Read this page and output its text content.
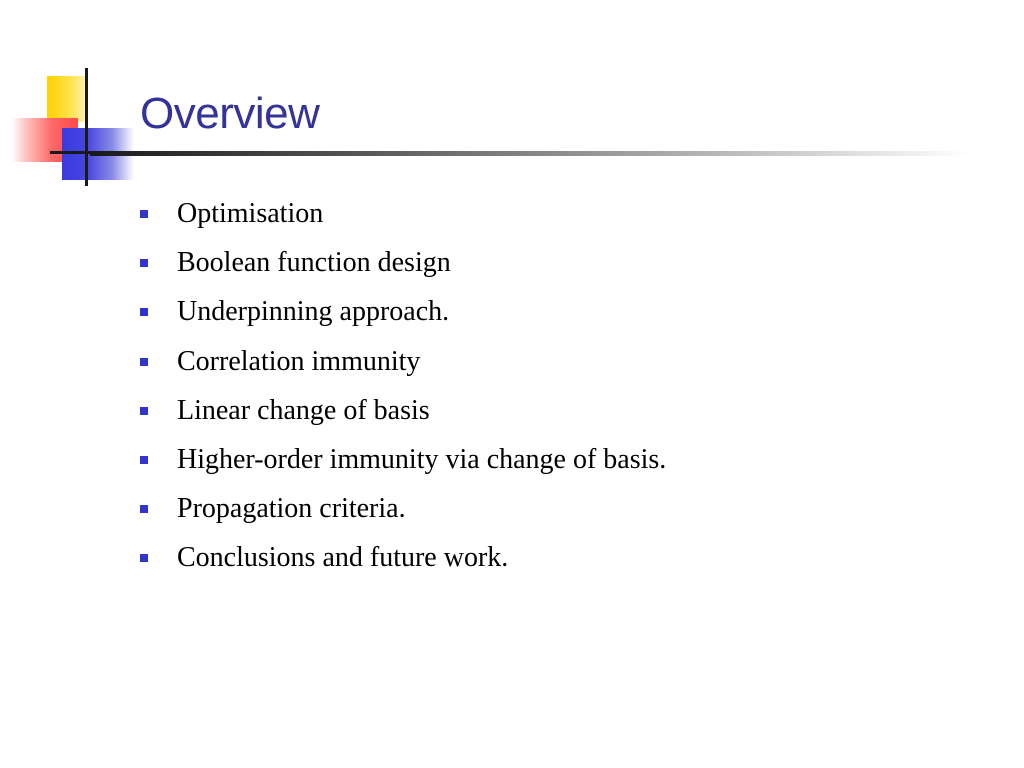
Overview
Optimisation
Boolean function design
Underpinning approach.
Correlation immunity
Linear change of basis
Higher-order immunity via change of basis.
Propagation criteria.
Conclusions and future work.
